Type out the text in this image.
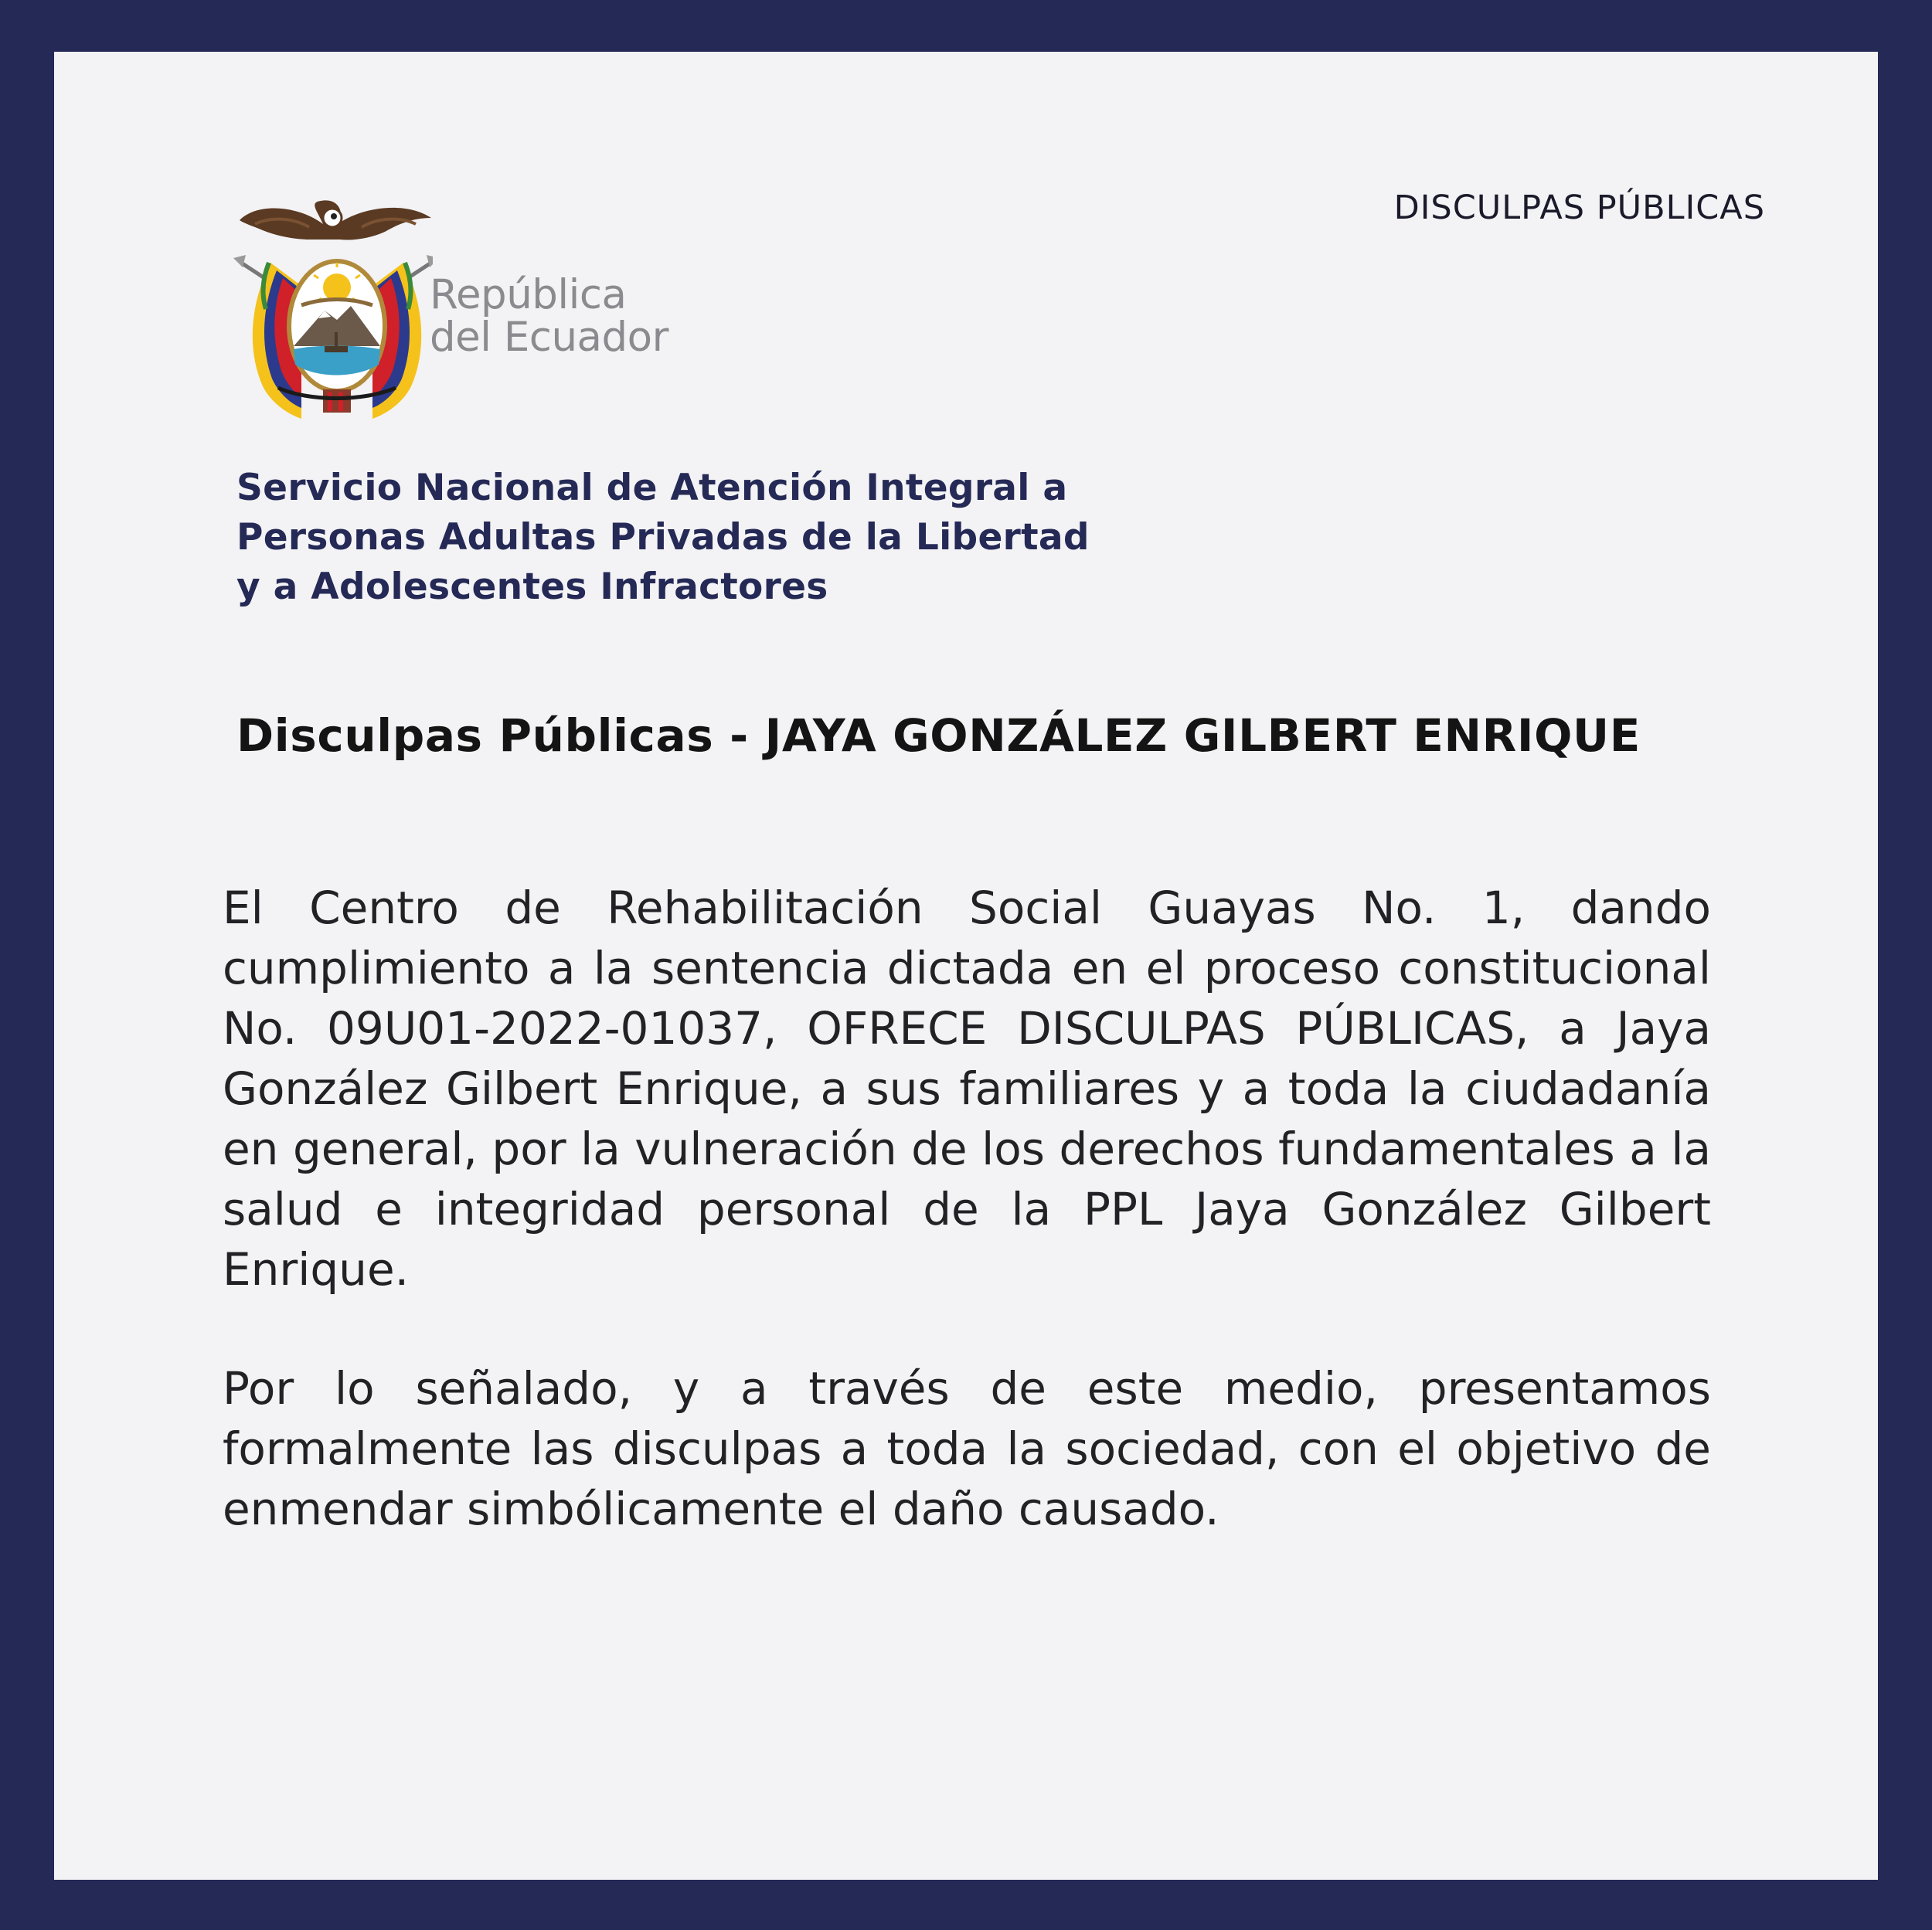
DISCULPAS PÚBLICAS
República
del Ecuador
Servicio Nacional de Atención Integral a
Personas Adultas Privadas de la Libertad
y a Adolescentes Infractores
Disculpas Públicas - JAYA GONZÁLEZ GILBERT ENRIQUE
El Centro de Rehabilitación Social Guayas No. 1, dando cumplimiento a la sentencia dictada en el proceso constitucional No. 09U01-2022-01037, OFRECE DISCULPAS PÚBLICAS, a Jaya González Gilbert Enrique, a sus familiares y a toda la ciudadanía en general, por la vulneración de los derechos fundamentales a la salud e integridad personal de la PPL Jaya González Gilbert Enrique.
Por lo señalado, y a través de este medio, presentamos formalmente las disculpas a toda la sociedad, con el objetivo de enmendar simbólicamente el daño causado.
